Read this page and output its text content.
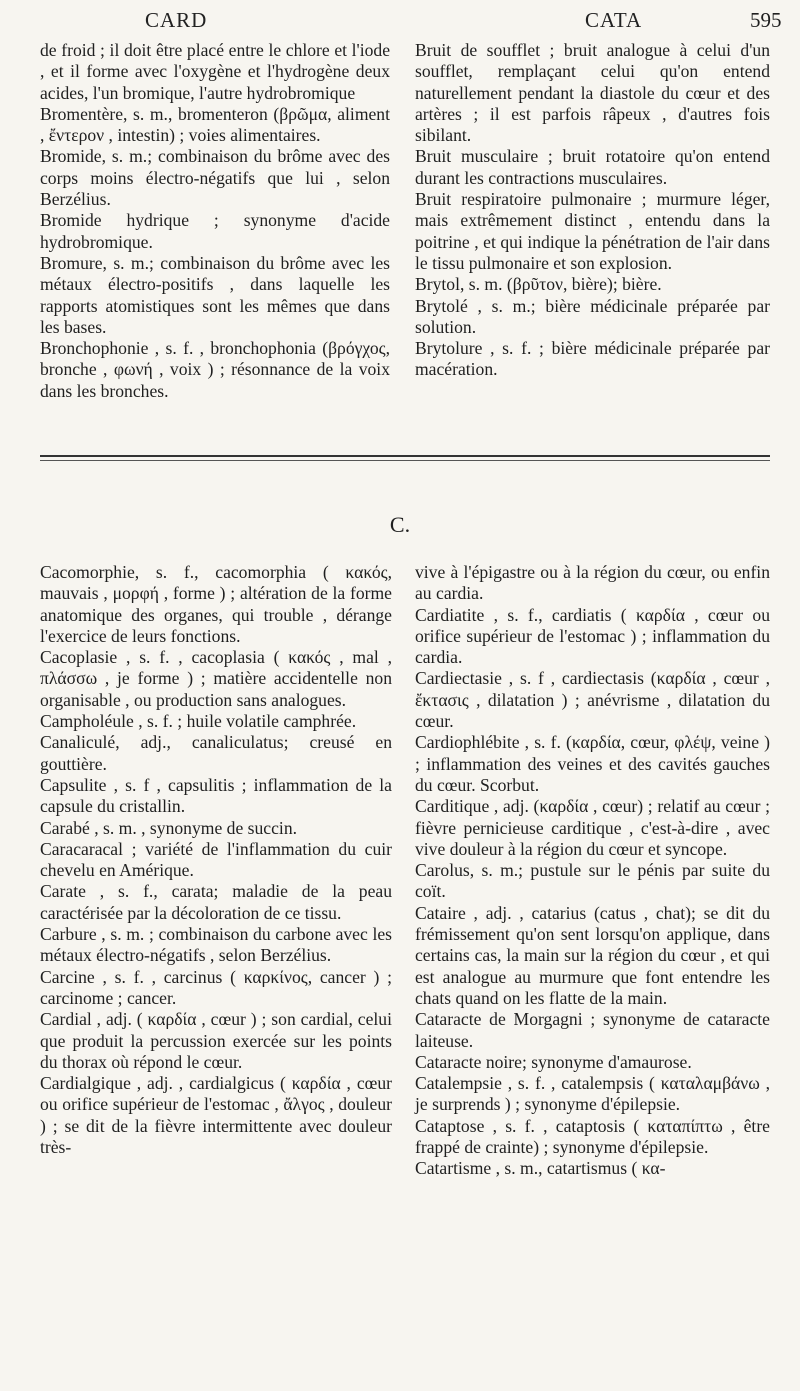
CARD	CATA	595

de froid ; il doit être placé entre le chlore et l'iode , et il forme avec l'oxygène et l'hydrogène deux acides, l'un bromique, l'autre hydrobromique

Bromentère, s. m., bromenteron (βρῶμα, aliment , ἔντερον , intestin) ; voies alimentaires.

Bromide, s. m.; combinaison du brôme avec des corps moins électro-négatifs que lui , selon Berzélius.

Bromide hydrique ; synonyme d'acide hydrobromique.

Bromure, s. m.; combinaison du brôme avec les métaux électro-positifs , dans laquelle les rapports atomistiques sont les mêmes que dans les bases.

Bronchophonie , s. f. , bronchophonia (βρόγχος, bronche , φωνή , voix ) ; résonnance de la voix dans les bronches.

Bruit de soufflet ; bruit analogue à celui d'un soufflet, remplaçant celui qu'on entend naturellement pendant la diastole du cœur et des artères ; il est parfois râpeux , d'autres fois sibilant.

Bruit musculaire ; bruit rotatoire qu'on entend durant les contractions musculaires.

Bruit respiratoire pulmonaire ; murmure léger, mais extrêmement distinct , entendu dans la poitrine , et qui indique la pénétration de l'air dans le tissu pulmonaire et son explosion.

Brytol, s. m. (βρῦτον, bière); bière.

Brytolé , s. m.; bière médicinale préparée par solution.

Brytolure , s. f. ; bière médicinale préparée par macération.

C.

Cacomorphie, s. f., cacomorphia ( κακός, mauvais , μορφή , forme ) ; altération de la forme anatomique des organes, qui trouble , dérange l'exercice de leurs fonctions.

Cacoplasie , s. f. , cacoplasia ( κακός , mal , πλάσσω , je forme ) ; matière accidentelle non organisable , ou production sans analogues.

Campholéule , s. f. ; huile volatile camphrée.

Canaliculé, adj., canaliculatus; creusé en gouttière.

Capsulite , s. f , capsulitis ; inflammation de la capsule du cristallin.

Carabé , s. m. , synonyme de succin.

Caracaracal ; variété de l'inflammation du cuir chevelu en Amérique.

Carate , s. f., carata; maladie de la peau caractérisée par la décoloration de ce tissu.

Carbure , s. m. ; combinaison du carbone avec les métaux électro-négatifs , selon Berzélius.

Carcine , s. f. , carcinus ( καρκίνος, cancer ) ; carcinome ; cancer.

Cardial , adj. ( καρδία , cœur ) ; son cardial, celui que produit la percussion exercée sur les points du thorax où répond le cœur.

Cardialgique , adj. , cardialgicus ( καρδία , cœur ou orifice supérieur de l'estomac , ἄλγος , douleur ) ; se dit de la fièvre intermittente avec douleur très-

vive à l'épigastre ou à la région du cœur, ou enfin au cardia.

Cardiatite , s. f., cardiatis ( καρδία , cœur ou orifice supérieur de l'estomac ) ; inflammation du cardia.

Cardiectasie , s. f , cardiectasis (καρδία , cœur , ἔκτασις , dilatation ) ; anévrisme , dilatation du cœur.

Cardiophlébite , s. f. (καρδία, cœur, φλέψ, veine ) ; inflammation des veines et des cavités gauches du cœur. Scorbut.

Carditique , adj. (καρδία , cœur) ; relatif au cœur ; fièvre pernicieuse carditique , c'est-à-dire , avec vive douleur à la région du cœur et syncope.

Carolus, s. m.; pustule sur le pénis par suite du coït.

Cataire , adj. , catarius (catus , chat); se dit du frémissement qu'on sent lorsqu'on applique, dans certains cas, la main sur la région du cœur , et qui est analogue au murmure que font entendre les chats quand on les flatte de la main.

Cataracte de Morgagni ; synonyme de cataracte laiteuse.

Cataracte noire; synonyme d'amaurose.

Catalempsie , s. f. , catalempsis ( καταλαμβάνω , je surprends ) ; synonyme d'épilepsie.

Cataptose , s. f. , cataptosis ( καταπίπτω , être frappé de crainte) ; synonyme d'épilepsie.

Catartisme , s. m., catartismus ( κα-
